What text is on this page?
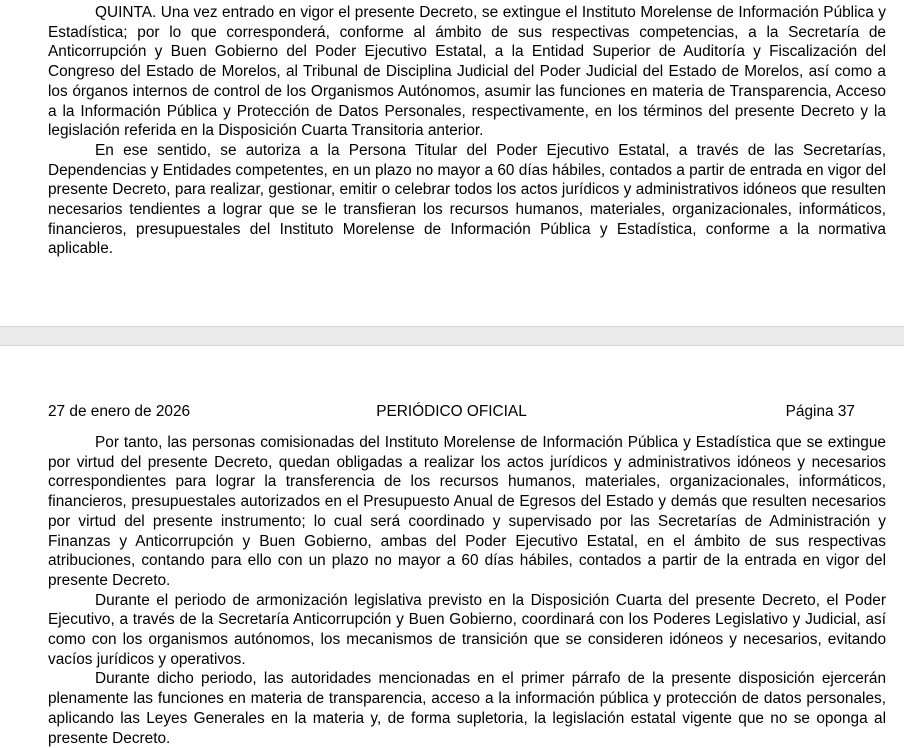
QUINTA. Una vez entrado en vigor el presente Decreto, se extingue el Instituto Morelense de Información Pública y Estadística; por lo que corresponderá, conforme al ámbito de sus respectivas competencias, a la Secretaría de Anticorrupción y Buen Gobierno del Poder Ejecutivo Estatal, a la Entidad Superior de Auditoría y Fiscalización del Congreso del Estado de Morelos, al Tribunal de Disciplina Judicial del Poder Judicial del Estado de Morelos, así como a los órganos internos de control de los Organismos Autónomos, asumir las funciones en materia de Transparencia, Acceso a la Información Pública y Protección de Datos Personales, respectivamente, en los términos del presente Decreto y la legislación referida en la Disposición Cuarta Transitoria anterior.

En ese sentido, se autoriza a la Persona Titular del Poder Ejecutivo Estatal, a través de las Secretarías, Dependencias y Entidades competentes, en un plazo no mayor a 60 días hábiles, contados a partir de entrada en vigor del presente Decreto, para realizar, gestionar, emitir o celebrar todos los actos jurídicos y administrativos idóneos que resulten necesarios tendientes a lograr que se le transfieran los recursos humanos, materiales, organizacionales, informáticos, financieros, presupuestales del Instituto Morelense de Información Pública y Estadística, conforme a la normativa aplicable.

27 de enero de 2026	PERIÓDICO OFICIAL	Página 37

Por tanto, las personas comisionadas del Instituto Morelense de Información Pública y Estadística que se extingue por virtud del presente Decreto, quedan obligadas a realizar los actos jurídicos y administrativos idóneos y necesarios correspondientes para lograr la transferencia de los recursos humanos, materiales, organizacionales, informáticos, financieros, presupuestales autorizados en el Presupuesto Anual de Egresos del Estado y demás que resulten necesarios por virtud del presente instrumento; lo cual será coordinado y supervisado por las Secretarías de Administración y Finanzas y Anticorrupción y Buen Gobierno, ambas del Poder Ejecutivo Estatal, en el ámbito de sus respectivas atribuciones, contando para ello con un plazo no mayor a 60 días hábiles, contados a partir de la entrada en vigor del presente Decreto.

Durante el periodo de armonización legislativa previsto en la Disposición Cuarta del presente Decreto, el Poder Ejecutivo, a través de la Secretaría Anticorrupción y Buen Gobierno, coordinará con los Poderes Legislativo y Judicial, así como con los organismos autónomos, los mecanismos de transición que se consideren idóneos y necesarios, evitando vacíos jurídicos y operativos.

Durante dicho periodo, las autoridades mencionadas en el primer párrafo de la presente disposición ejercerán plenamente las funciones en materia de transparencia, acceso a la información pública y protección de datos personales, aplicando las Leyes Generales en la materia y, de forma supletoria, la legislación estatal vigente que no se oponga al presente Decreto.
